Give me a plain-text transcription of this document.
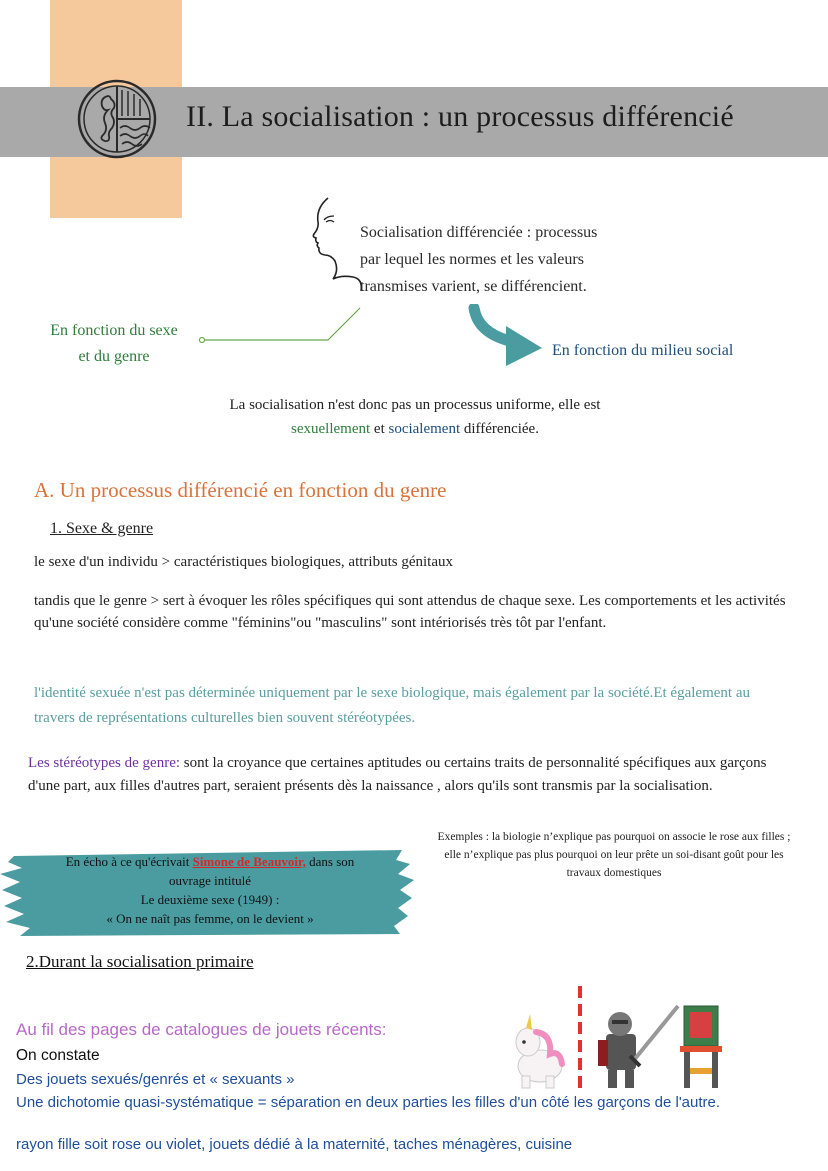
II. La socialisation : un processus différencié
Socialisation différenciée : processus
par lequel les normes et les valeurs
transmises varient, se différencient.
En fonction du sexe
et du genre	En fonction du milieu social
La socialisation n'est donc pas un processus uniforme, elle est
sexuellement et socialement différenciée.
A. Un processus différencié en fonction du genre
1. Sexe & genre
le sexe d'un individu > caractéristiques biologiques, attributs génitaux
tandis que le genre > sert à évoquer les rôles spécifiques qui sont attendus de chaque sexe. Les comportements et les activités qu'une société considère comme "féminins"ou "masculins" sont intériorisés très tôt par l'enfant.
l'identité sexuée n'est pas déterminée uniquement par le sexe biologique, mais également par la société.Et également au travers de représentations culturelles bien souvent stéréotypées.
Les stéréotypes de genre: sont la croyance que certaines aptitudes ou certains traits de personnalité spécifiques aux garçons d'une part, aux filles d'autres part, seraient présents dès la naissance , alors qu'ils sont transmis par la socialisation.
Exemples : la biologie n’explique pas pourquoi on associe le rose aux filles ; elle n’explique pas plus pourquoi on leur prête un soi-disant goût pour les travaux domestiques
En écho à ce qu'écrivait Simone de Beauvoir, dans son ouvrage intitulé
Le deuxième sexe (1949) :
« On ne naît pas femme, on le devient »
2.Durant la socialisation primaire
Au fil des pages de catalogues de jouets récents:
On constate
Des jouets sexués/genrés et « sexuants »
Une dichotomie quasi-systématique = séparation en deux parties les filles d'un côté les garçons de l'autre.
rayon fille soit rose ou violet, jouets dédié à la maternité, taches ménagères, cuisine
